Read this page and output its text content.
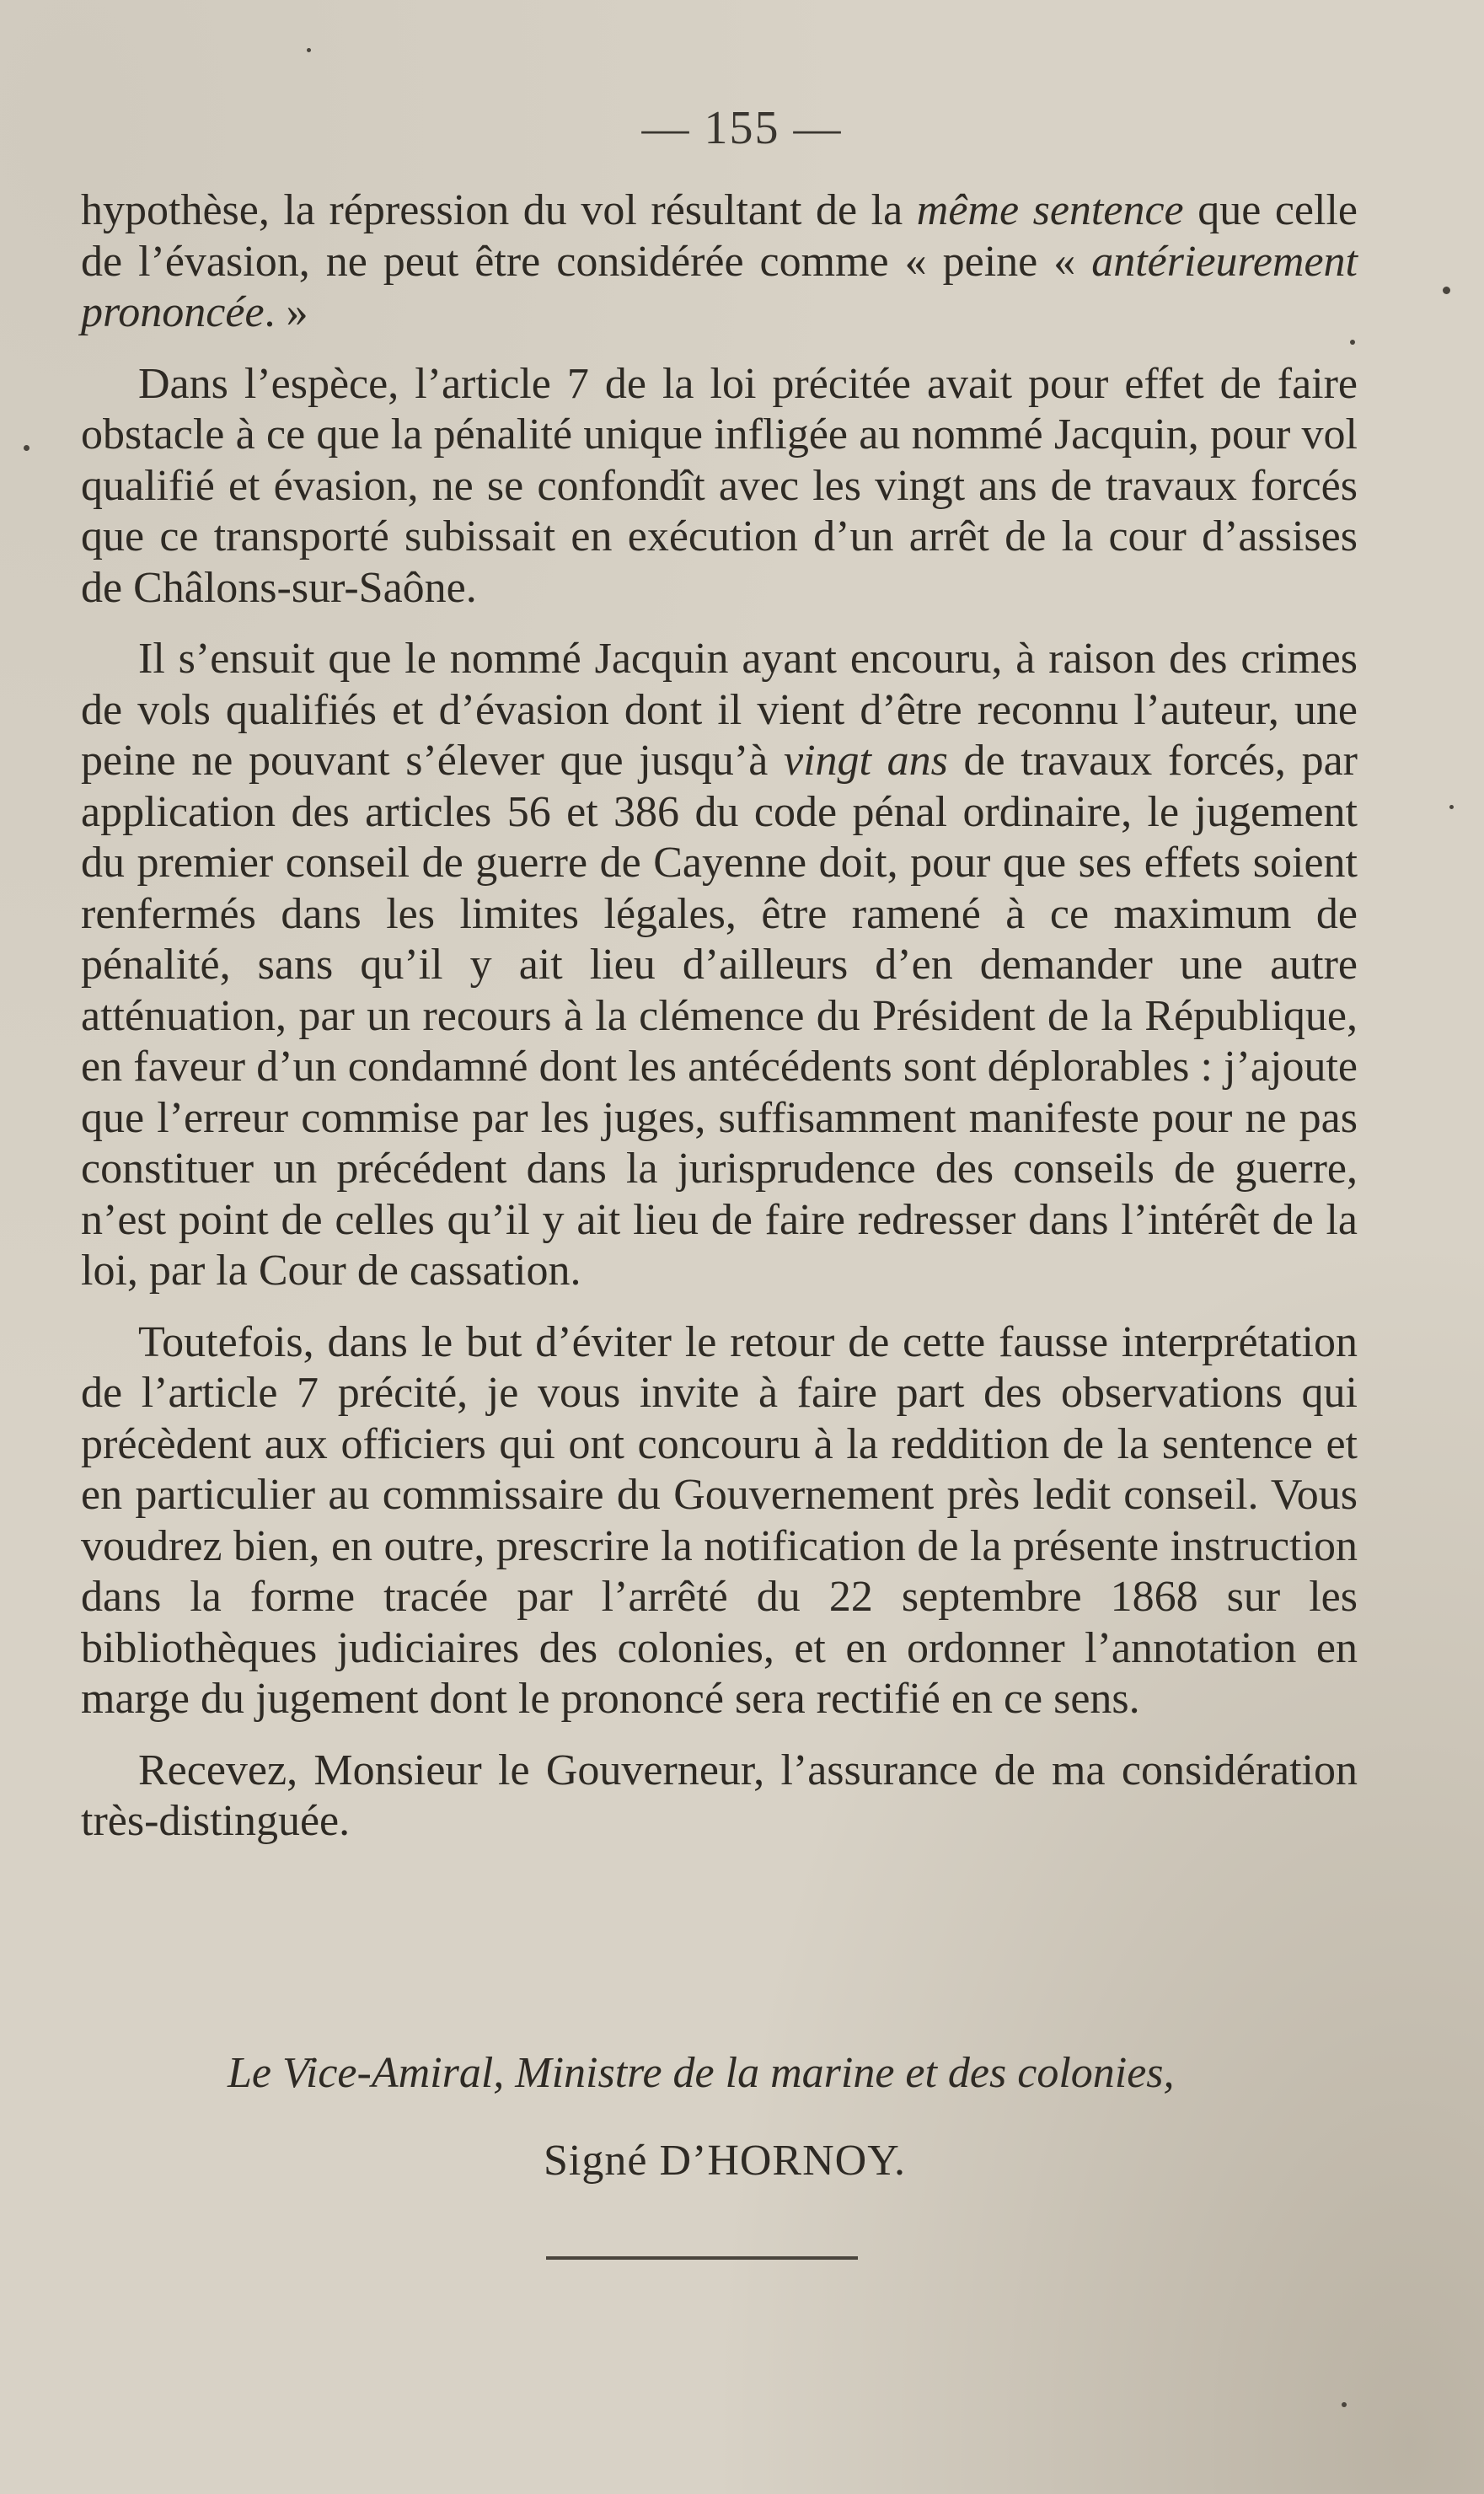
— 155 —

hypothèse, la répression du vol résultant de la même sentence que celle de l’évasion, ne peut être considérée comme « peine « antérieurement prononcée. »

Dans l’espèce, l’article 7 de la loi précitée avait pour effet de faire obstacle à ce que la pénalité unique infligée au nommé Jacquin, pour vol qualifié et évasion, ne se confondît avec les vingt ans de travaux forcés que ce transporté subissait en exécution d’un arrêt de la cour d’assises de Châlons-sur-Saône.

Il s’ensuit que le nommé Jacquin ayant encouru, à raison des crimes de vols qualifiés et d’évasion dont il vient d’être reconnu l’auteur, une peine ne pouvant s’élever que jusqu’à vingt ans de travaux forcés, par application des articles 56 et 386 du code pénal ordinaire, le jugement du premier conseil de guerre de Cayenne doit, pour que ses effets soient renfermés dans les limites légales, être ramené à ce maximum de pénalité, sans qu’il y ait lieu d’ailleurs d’en demander une autre atténuation, par un recours à la clémence du Président de la République, en faveur d’un condamné dont les antécédents sont déplorables : j’ajoute que l’erreur commise par les juges, suffisamment manifeste pour ne pas constituer un précédent dans la jurisprudence des conseils de guerre, n’est point de celles qu’il y ait lieu de faire redresser dans l’intérêt de la loi, par la Cour de cassation.

Toutefois, dans le but d’éviter le retour de cette fausse interprétation de l’article 7 précité, je vous invite à faire part des observations qui précèdent aux officiers qui ont concouru à la reddition de la sentence et en particulier au commissaire du Gouvernement près ledit conseil. Vous voudrez bien, en outre, prescrire la notification de la présente instruction dans la forme tracée par l’arrêté du 22 septembre 1868 sur les bibliothèques judiciaires des colonies, et en ordonner l’annotation en marge du jugement dont le prononcé sera rectifié en ce sens.

Recevez, Monsieur le Gouverneur, l’assurance de ma considération très-distinguée.

Le Vice-Amiral, Ministre de la marine et des colonies,
Signé D’HORNOY.
